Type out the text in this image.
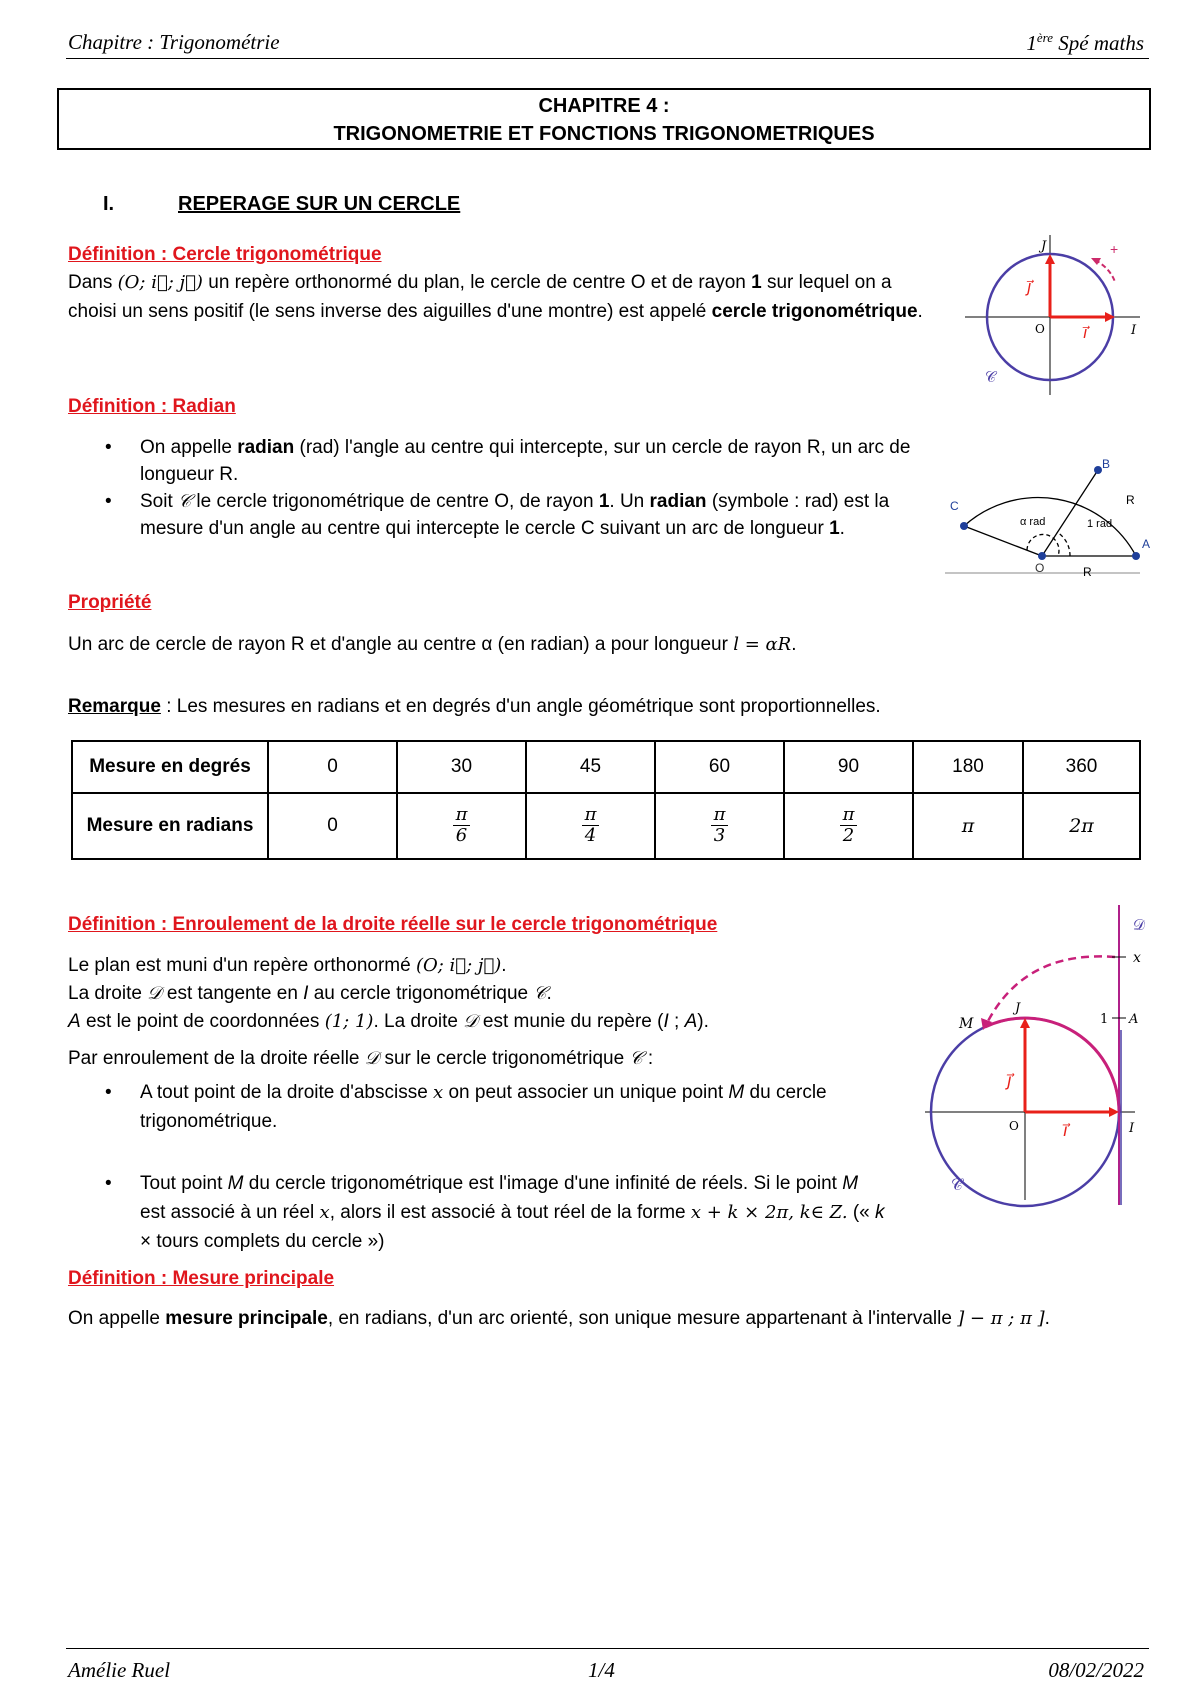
Chapitre : Trigonométrie	1ère Spé maths
CHAPITRE 4 :
TRIGONOMETRIE ET FONCTIONS TRIGONOMETRIQUES
I.	REPERAGE SUR UN CERCLE
Définition : Cercle trigonométrique
Dans (O; i⃗; j⃗) un repère orthonormé du plan, le cercle de centre O et de rayon 1 sur lequel on a choisi un sens positif (le sens inverse des aiguilles d'une montre) est appelé cercle trigonométrique.
+
J
I
O i⃗
j⃗
𝒞
Définition : Radian
• On appelle radian (rad) l'angle au centre qui intercepte, sur un cercle de rayon R, un arc de longueur R.
• Soit 𝒞 le cercle trigonométrique de centre O, de rayon 1. Un radian (symbole : rad) est la mesure d'un angle au centre qui intercepte le cercle C suivant un arc de longueur 1.
B
C
A
O
R
R
α rad	1 rad
Propriété
Un arc de cercle de rayon R et d'angle au centre α (en radian) a pour longueur l = αR.
Remarque : Les mesures en radians et en degrés d'un angle géométrique sont proportionnelles.
Mesure en degrés	0	30	45	60	90	180	360
Mesure en radians	0	$\frac{\pi}{6}$	$\frac{\pi}{4}$	$\frac{\pi}{3}$	$\frac{\pi}{2}$	π	2π
Définition : Enroulement de la droite réelle sur le cercle trigonométrique
Le plan est muni d'un repère orthonormé (O; i⃗; j⃗).
La droite 𝒟 est tangente en I au cercle trigonométrique 𝒞.
A est le point de coordonnées (1; 1). La droite 𝒟 est munie du repère (I ; A).
Par enroulement de la droite réelle 𝒟 sur le cercle trigonométrique 𝒞 :
• A tout point de la droite d'abscisse x on peut associer un unique point M du cercle trigonométrique.
• Tout point M du cercle trigonométrique est l'image d'une infinité de réels. Si le point M est associé à un réel x, alors il est associé à tout réel de la forme x + k × 2π, k∈ Z. (« k × tours complets du cercle »)
𝒟
x
M
J
1 A
O	I
i⃗
j⃗
𝒞
Définition : Mesure principale
On appelle mesure principale, en radians, d'un arc orienté, son unique mesure appartenant à l'intervalle ] − π ; π ].
Amélie Ruel	1/4	08/02/2022
